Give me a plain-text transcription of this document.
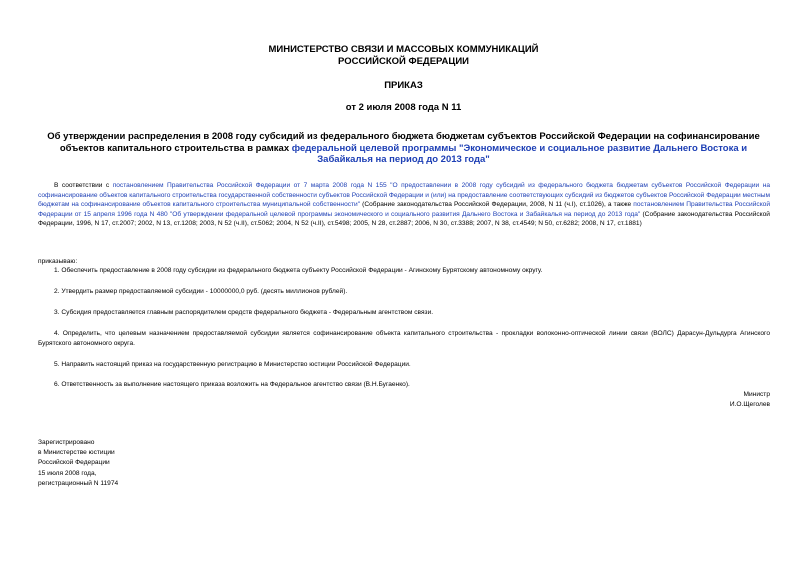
МИНИСТЕРСТВО СВЯЗИ И МАССОВЫХ КОММУНИКАЦИЙ
РОССИЙСКОЙ ФЕДЕРАЦИИ
ПРИКАЗ
от 2 июля 2008 года N 11
Об утверждении распределения в 2008 году субсидий из федерального бюджета бюджетам субъектов Российской Федерации на софинансирование объектов капитального строительства в рамках федеральной целевой программы "Экономическое и социальное развитие Дальнего Востока и Забайкалья на период до 2013 года"
В соответствии с постановлением Правительства Российской Федерации от 7 марта 2008 года N 155 "О предоставлении в 2008 году субсидий из федерального бюджета бюджетам субъектов Российской Федерации на софинансирование объектов капитального строительства государственной собственности субъектов Российской Федерации и (или) на предоставление соответствующих субсидий из бюджетов субъектов Российской Федерации местным бюджетам на софинансирование объектов капитального строительства муниципальной собственности" (Собрание законодательства Российской Федерации, 2008, N 11 (ч.I), ст.1026), а также постановлением Правительства Российской Федерации от 15 апреля 1996 года N 480 "Об утверждении федеральной целевой программы экономического и социального развития Дальнего Востока и Забайкалья на период до 2013 года" (Собрание законодательства Российской Федерации, 1996, N 17, ст.2007; 2002, N 13, ст.1208; 2003, N 52 (ч.II), ст.5062; 2004, N 52 (ч.II), ст.5498; 2005, N 28, ст.2887; 2006, N 30, ст.3388; 2007, N 38, ст.4549; N 50, ст.6282; 2008, N 17, ст.1881)
приказываю:
1. Обеспечить предоставление в 2008 году субсидии из федерального бюджета субъекту Российской Федерации - Агинскому Бурятскому автономному округу.
2. Утвердить размер предоставляемой субсидии - 10000000,0 руб. (десять миллионов рублей).
3. Субсидия предоставляется главным распорядителем средств федерального бюджета - Федеральным агентством связи.
4. Определить, что целевым назначением предоставляемой субсидии является софинансирование объекта капитального строительства - прокладки волоконно-оптической линии связи (ВОЛС) Дарасун-Дульдурга Агинского Бурятского автономного округа.
5. Направить настоящий приказ на государственную регистрацию в Министерство юстиции Российской Федерации.
6. Ответственность за выполнение настоящего приказа возложить на Федеральное агентство связи (В.Н.Бугаенко).
Министр
И.О.Щеголев
Зарегистрировано
в Министерстве юстиции
Российской Федерации
15 июля 2008 года,
регистрационный N 11974
